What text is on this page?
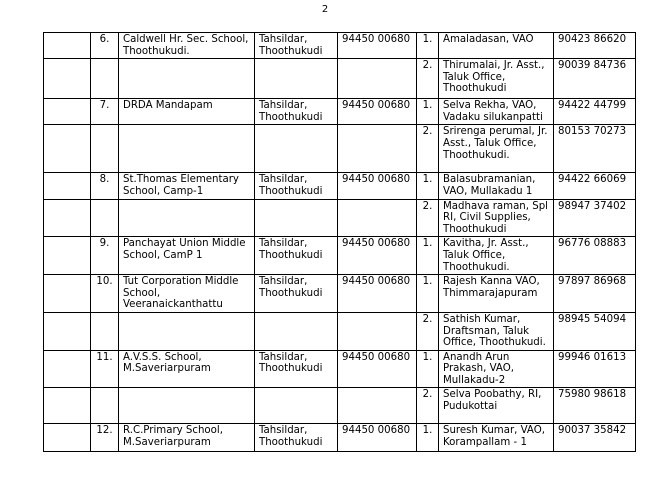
2
	6.	Caldwell Hr. Sec. School, Thoothukudi.	Tahsildar, Thoothukudi	94450 00680	1.	Amaladasan, VAO	90423 86620
					2.	Thirumalai, Jr. Asst., Taluk Office, Thoothukudi	90039 84736
	7.	DRDA Mandapam	Tahsildar, Thoothukudi	94450 00680	1.	Selva Rekha, VAO, Vadaku silukanpatti	94422 44799
					2.	Srirenga perumal, Jr. Asst., Taluk Office, Thoothukudi.	80153 70273
	8.	St.Thomas Elementary School, Camp-1	Tahsildar, Thoothukudi	94450 00680	1.	Balasubramanian, VAO, Mullakadu 1	94422 66069
					2.	Madhava raman, Spl RI, Civil Supplies, Thoothukudi	98947 37402
	9.	Panchayat Union Middle School, CamP 1	Tahsildar, Thoothukudi	94450 00680	1.	Kavitha, Jr. Asst., Taluk Office, Thoothukudi.	96776 08883
	10.	Tut Corporation Middle School, Veeranaickanthattu	Tahsildar, Thoothukudi	94450 00680	1.	Rajesh Kanna VAO, Thimmarajapuram	97897 86968
					2.	Sathish Kumar, Draftsman, Taluk Office, Thoothukudi.	98945 54094
	11.	A.V.S.S. School, M.Saveriarpuram	Tahsildar, Thoothukudi	94450 00680	1.	Anandh Arun Prakash, VAO, Mullakadu-2	99946 01613
					2.	Selva Poobathy, RI, Pudukottai	75980 98618
	12.	R.C.Primary School, M.Saveriarpuram	Tahsildar, Thoothukudi	94450 00680	1.	Suresh Kumar, VAO, Korampallam - 1	90037 35842
